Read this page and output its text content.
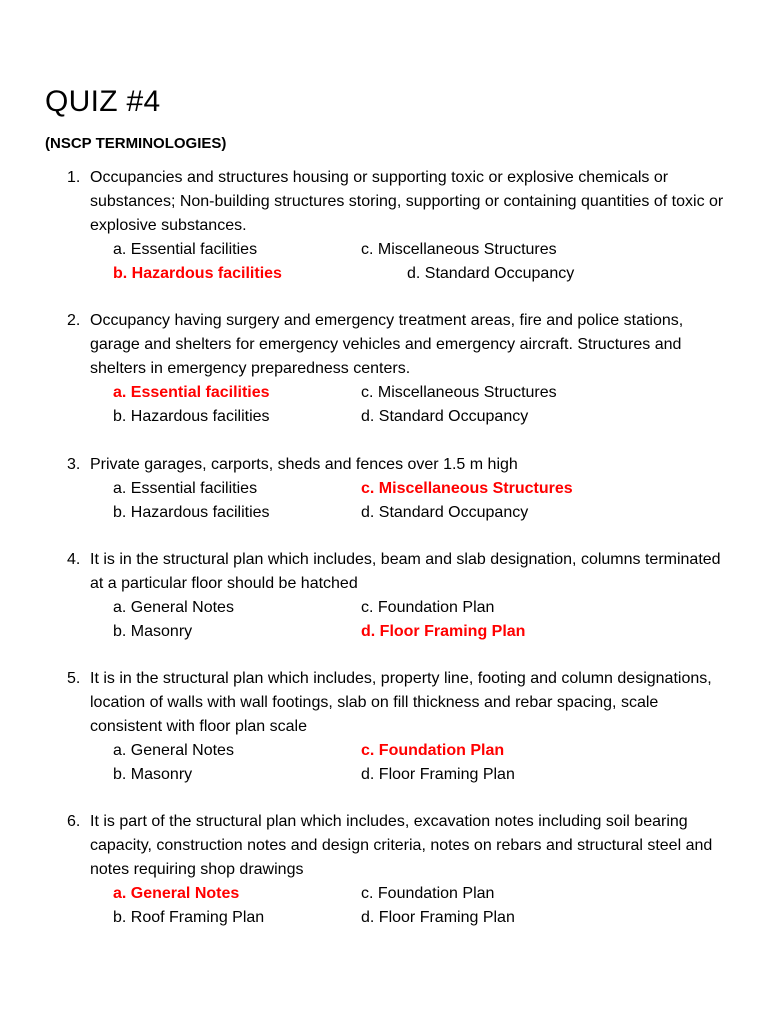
QUIZ #4
(NSCP TERMINOLOGIES)
1. Occupancies and structures housing or supporting toxic or explosive chemicals or substances; Non-building structures storing, supporting or containing quantities of toxic or explosive substances.

a. Essential facilities	c. Miscellaneous Structures
b. Hazardous facilities	d. Standard Occupancy
2. Occupancy having surgery and emergency treatment areas, fire and police stations, garage and shelters for emergency vehicles and emergency aircraft. Structures and shelters in emergency preparedness centers.

a. Essential facilities	c. Miscellaneous Structures
b. Hazardous facilities	d. Standard Occupancy
3. Private garages, carports, sheds and fences over 1.5 m high

a. Essential facilities	c. Miscellaneous Structures
b. Hazardous facilities	d. Standard Occupancy
4. It is in the structural plan which includes, beam and slab designation, columns terminated at a particular floor should be hatched

a. General Notes	c. Foundation Plan
b. Masonry	d. Floor Framing Plan
5. It is in the structural plan which includes, property line, footing and column designations, location of walls with wall footings, slab on fill thickness and rebar spacing, scale consistent with floor plan scale

a. General Notes	c. Foundation Plan
b. Masonry	d. Floor Framing Plan
6. It is part of the structural plan which includes, excavation notes including soil bearing capacity, construction notes and design criteria, notes on rebars and structural steel and notes requiring shop drawings

a. General Notes	c. Foundation Plan
b. Roof Framing Plan	d. Floor Framing Plan
